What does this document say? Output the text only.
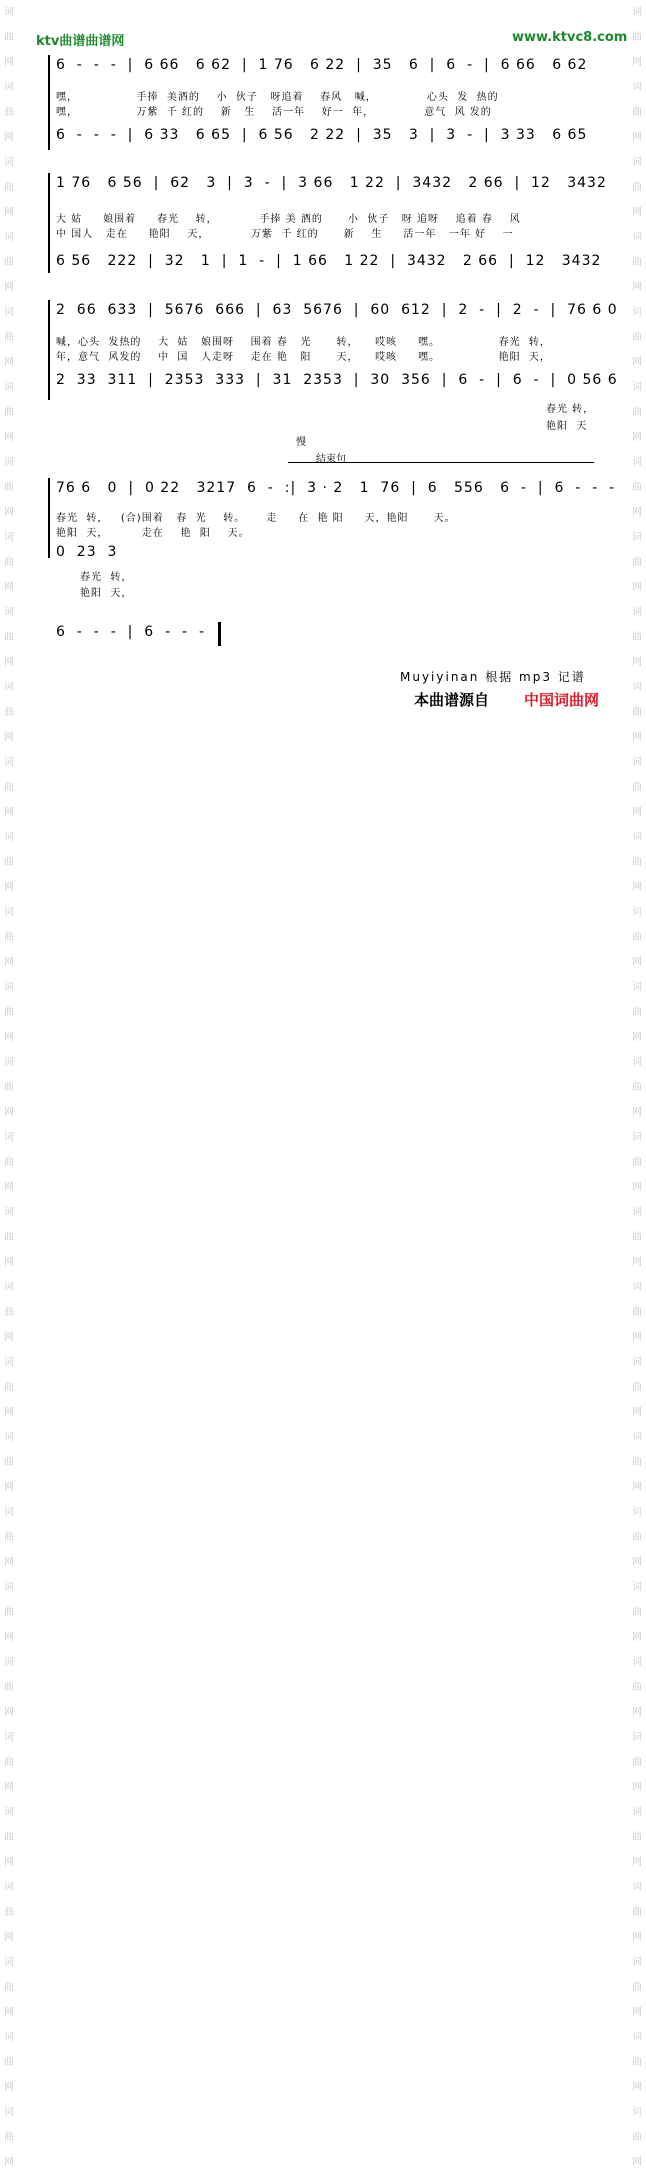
词曲网
词曲网
词曲网
词曲网
词曲网
词曲网
词曲网
词曲网
词曲网
词曲网
词曲网
词曲网
词曲网
词曲网
词曲网
词曲网
词曲网
词曲网
词曲网
词曲网
词曲网
词曲网
词曲网
词曲网
词曲网
词曲网
词曲网
词曲网
词曲网
词曲网
词曲网
词曲网
词曲网
词曲网
词曲网
词曲网
词曲网
词曲网
词曲网
词曲网
词曲网
词曲网
词曲网
词曲网
词曲网
词曲网
词曲网
词曲网
词曲网
词曲网
词曲网
词曲网
词曲网
词曲网
词曲网
词曲网
词曲网
词曲网
ktv曲谱曲谱网	www.ktvc8.com
6  -  -  -  |  6 66   6 62  |  1 76   6 22  |  35   6  |  6  -  |  6 66   6 62
嘿，              手捧  美酒的    小  伙子   呀追着    春风   喊，            心头  发  热的
嘿，              万紫  千 红的    新   生    活一年    好一  年，            意气  风 发的
6  -  -  -  |  6 33   6 65  |  6 56   2 22  |  35   3  |  3  -  |  3 33   6 65
1 76   6 56  |  62   3  |  3  -  |  3 66   1 22  |  3432   2 66  |  12   3432
大 姑     娘围着     春光    转，          手捧 美 酒的      小  伙子   呀 追呀    追着 春    风
中 国人   走在     艳阳    天，          万紫  千 红的      新    生     活一年   一年 好    一
6 56   222  |  32   1  |  1  -  |  1 66   1 22  |  3432   2 66  |  12   3432
2  66  633  |  5676  666  |  63  5676  |  60  612  |  2  -  |  2  -  |  76 6 0
喊，心头  发热的    大  姑   娘围呀    围着 春   光      转，    哎咳     嘿。              春光  转，
年，意气  风发的    中  国   人走呀    走在 艳   阳      天，    哎咳     嘿。              艳阳  天，
2  33  311  |  2353  333  |  31  2353  |  30  356  |  6  -  |  6  -  |  0 56 6
春光 转，
艳阳  天
慢
结束句
76 6   0  |  0 22   3217  6  -  :|  3 · 2   1  76  |  6   556   6  -  |  6  -  -  -
春光  转，   (合)围着   春  光    转。     走     在  艳 阳     天，艳阳      天。
艳阳  天，        走在    艳  阳    天。
0  23  3
春光  转，
艳阳  天，
6  -  -  -  |  6  -  -  -
Muyiyinan 根据 mp3 记谱
本曲谱源自 中国词曲网
